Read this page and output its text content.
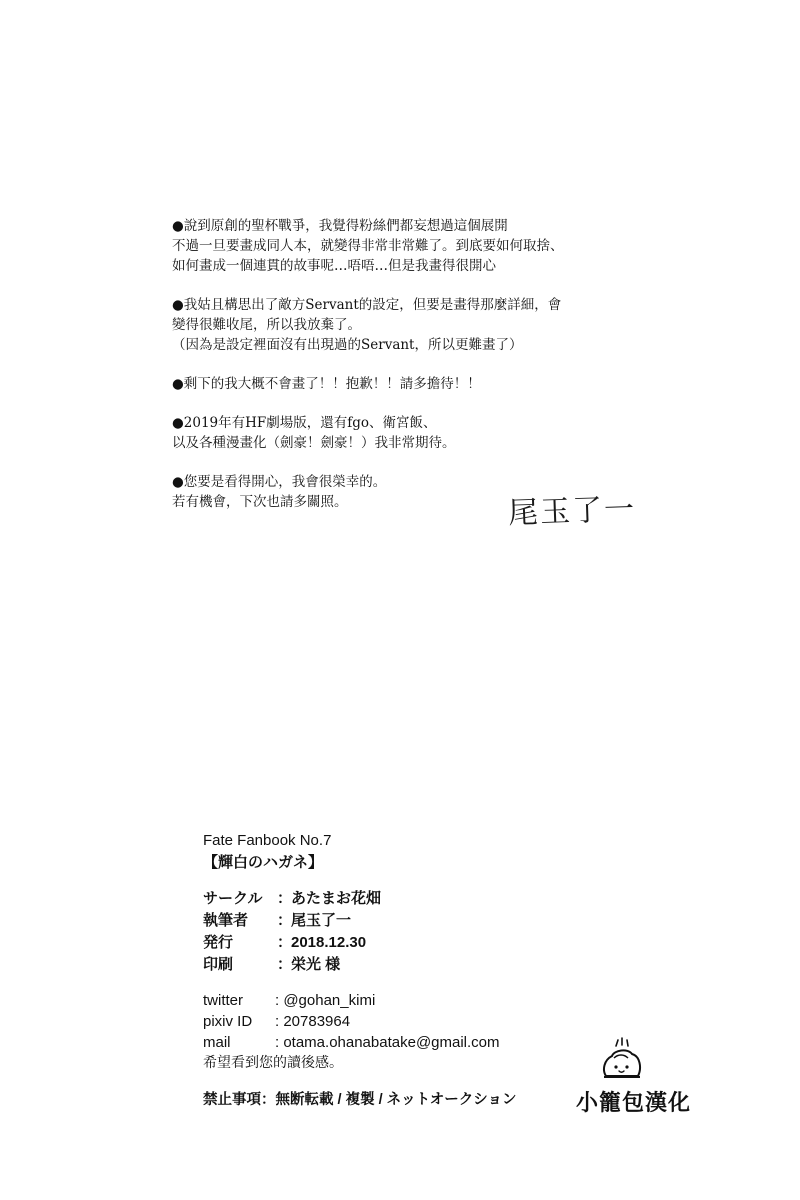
●說到原創的聖杯戰爭，我覺得粉絲們都妄想過這個展開
不過一旦要畫成同人本，就變得非常非常難了。到底要如何取捨、
如何畫成一個連貫的故事呢…唔唔…但是我畫得很開心
●我姑且構思出了敵方Servant的設定，但要是畫得那麼詳細，會
變得很難收尾，所以我放棄了。
（因為是設定裡面沒有出現過的Servant，所以更難畫了）
●剩下的我大概不會畫了！！抱歉！！請多擔待！！
●2019年有HF劇場版，還有fgo、衛宮飯、
以及各種漫畫化（劍豪！劍豪！）我非常期待。
●您要是看得開心，我會很榮幸的。
若有機會，下次也請多關照。	尾玉了一
Fate Fanbook No.7
【輝白のハガネ】
サークル ：
あたまお花畑
執筆者	：
尾玉了一
発行	：
2018.12.30
印刷	：
栄光 様
twitter	: @gohan_kimi
pixiv ID	: 20783964
mail	: otama.ohanabatake@gmail.com
希望看到您的讀後感。
禁止事項：無断転載 / 複製 / ネットオークション	小籠包漢化
